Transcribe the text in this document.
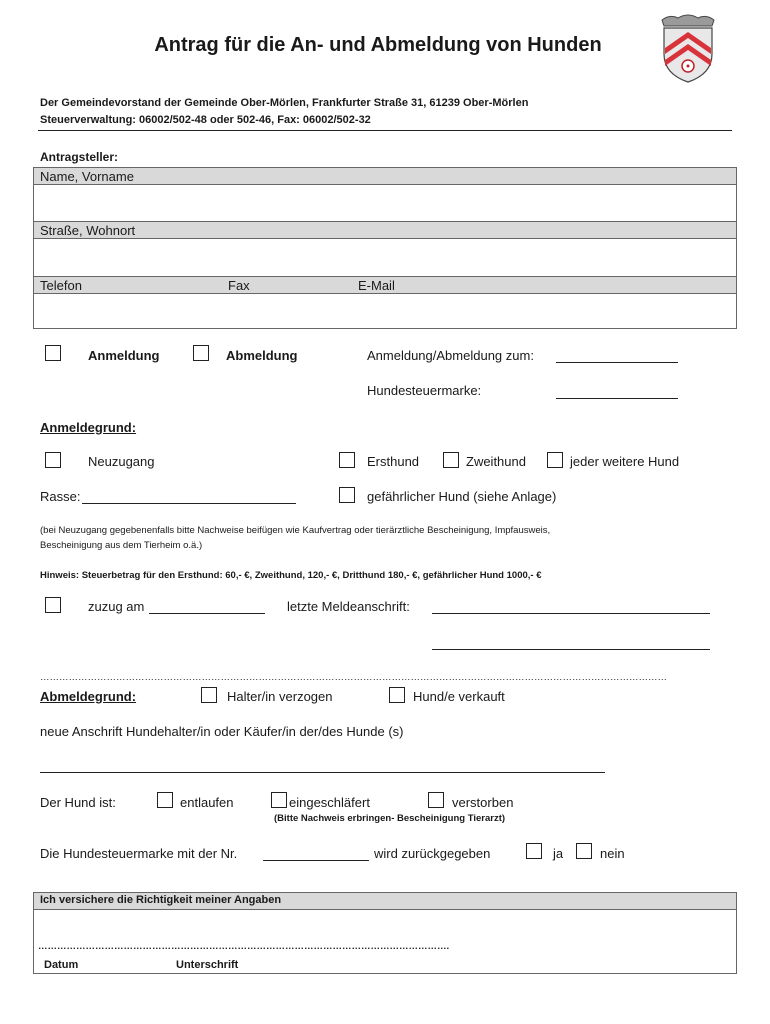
Antrag für die An- und Abmeldung von Hunden
Der Gemeindevorstand der Gemeinde Ober-Mörlen, Frankfurter Straße 31, 61239 Ober-Mörlen
Steuerverwaltung: 06002/502-48 oder 502-46, Fax: 06002/502-32
Antragsteller:
Name, Vorname
Straße, Wohnort
Telefon	Fax	E-Mail
Anmeldung	Abmeldung	Anmeldung/Abmeldung zum:
Hundesteuermarke:
Anmeldegrund:
Neuzugang	Ersthund	Zweithund	jeder weitere Hund
Rasse:	gefährlicher Hund (siehe Anlage)
(bei Neuzugang gegebenenfalls bitte Nachweise beifügen wie Kaufvertrag oder tierärztliche Bescheinigung, Impfausweis,
Bescheinigung aus dem Tierheim o.ä.)
Hinweis: Steuerbetrag für den Ersthund: 60,- €, Zweithund, 120,- €, Dritthund 180,- €, gefährlicher Hund 1000,- €
zuzug am	letzte Meldeanschrift:
………………………………………………………………………………………………………………………………………………………………………………
Abmeldegrund:	Halter/in verzogen	Hund/e verkauft
neue Anschrift Hundehalter/in oder Käufer/in der/des Hunde (s)
Der Hund ist:	entlaufen	eingeschläfert	verstorben
(Bitte Nachweis erbringen- Bescheinigung Tierarzt)
Die Hundesteuermarke mit der Nr.	wird zurückgegeben	ja	nein
Ich versichere die Richtigkeit meiner Angaben
………………………………………………………………………………………………………………….
Datum	Unterschrift
